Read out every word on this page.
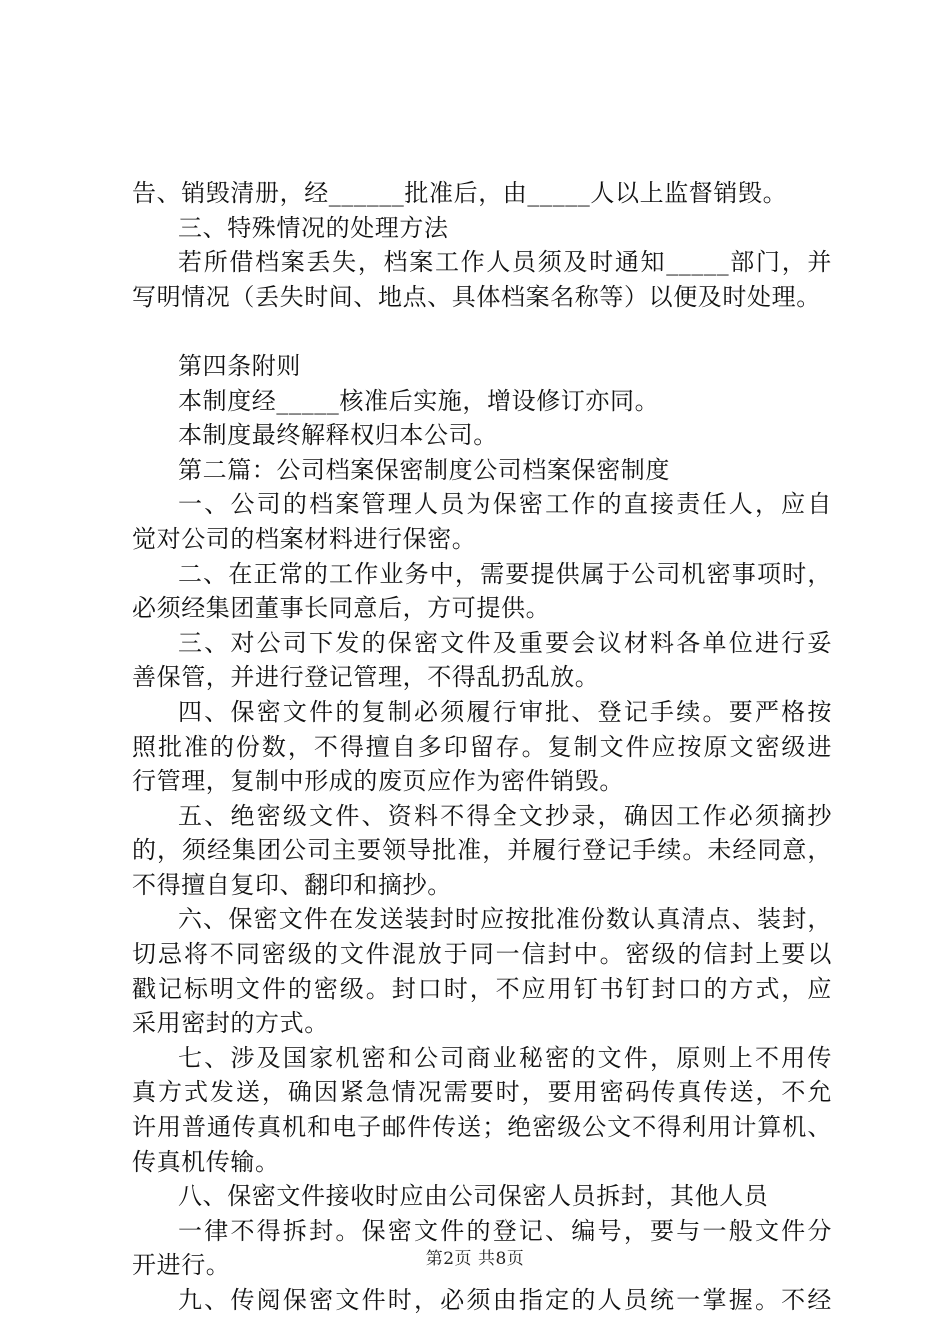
告、销毁清册，经______批准后，由_____人以上监督销毁。
三、特殊情况的处理方法
若所借档案丢失，档案工作人员须及时通知_____部门，并
写明情况（丢失时间、地点、具体档案名称等）以便及时处理。
第四条附则
本制度经_____核准后实施，增设修订亦同。
本制度最终解释权归本公司。
第二篇：公司档案保密制度公司档案保密制度
一、公司的档案管理人员为保密工作的直接责任人，应自
觉对公司的档案材料进行保密。
二、在正常的工作业务中，需要提供属于公司机密事项时，
必须经集团董事长同意后，方可提供。
三、对公司下发的保密文件及重要会议材料各单位进行妥
善保管，并进行登记管理，不得乱扔乱放。
四、保密文件的复制必须履行审批、登记手续。要严格按
照批准的份数，不得擅自多印留存。复制文件应按原文密级进
行管理，复制中形成的废页应作为密件销毁。
五、绝密级文件、资料不得全文抄录，确因工作必须摘抄
的，须经集团公司主要领导批准，并履行登记手续。未经同意，
不得擅自复印、翻印和摘抄。
六、保密文件在发送装封时应按批准份数认真清点、装封，
切忌将不同密级的文件混放于同一信封中。密级的信封上要以
戳记标明文件的密级。封口时，不应用钉书钉封口的方式，应
采用密封的方式。
七、涉及国家机密和公司商业秘密的文件，原则上不用传
真方式发送，确因紧急情况需要时，要用密码传真传送，不允
许用普通传真机和电子邮件传送；绝密级公文不得利用计算机、
传真机传输。
八、保密文件接收时应由公司保密人员拆封，其他人员
一律不得拆封。保密文件的登记、编号，要与一般文件分
开进行。
九、传阅保密文件时，必须由指定的人员统一掌握。不经
第2页 共8页
